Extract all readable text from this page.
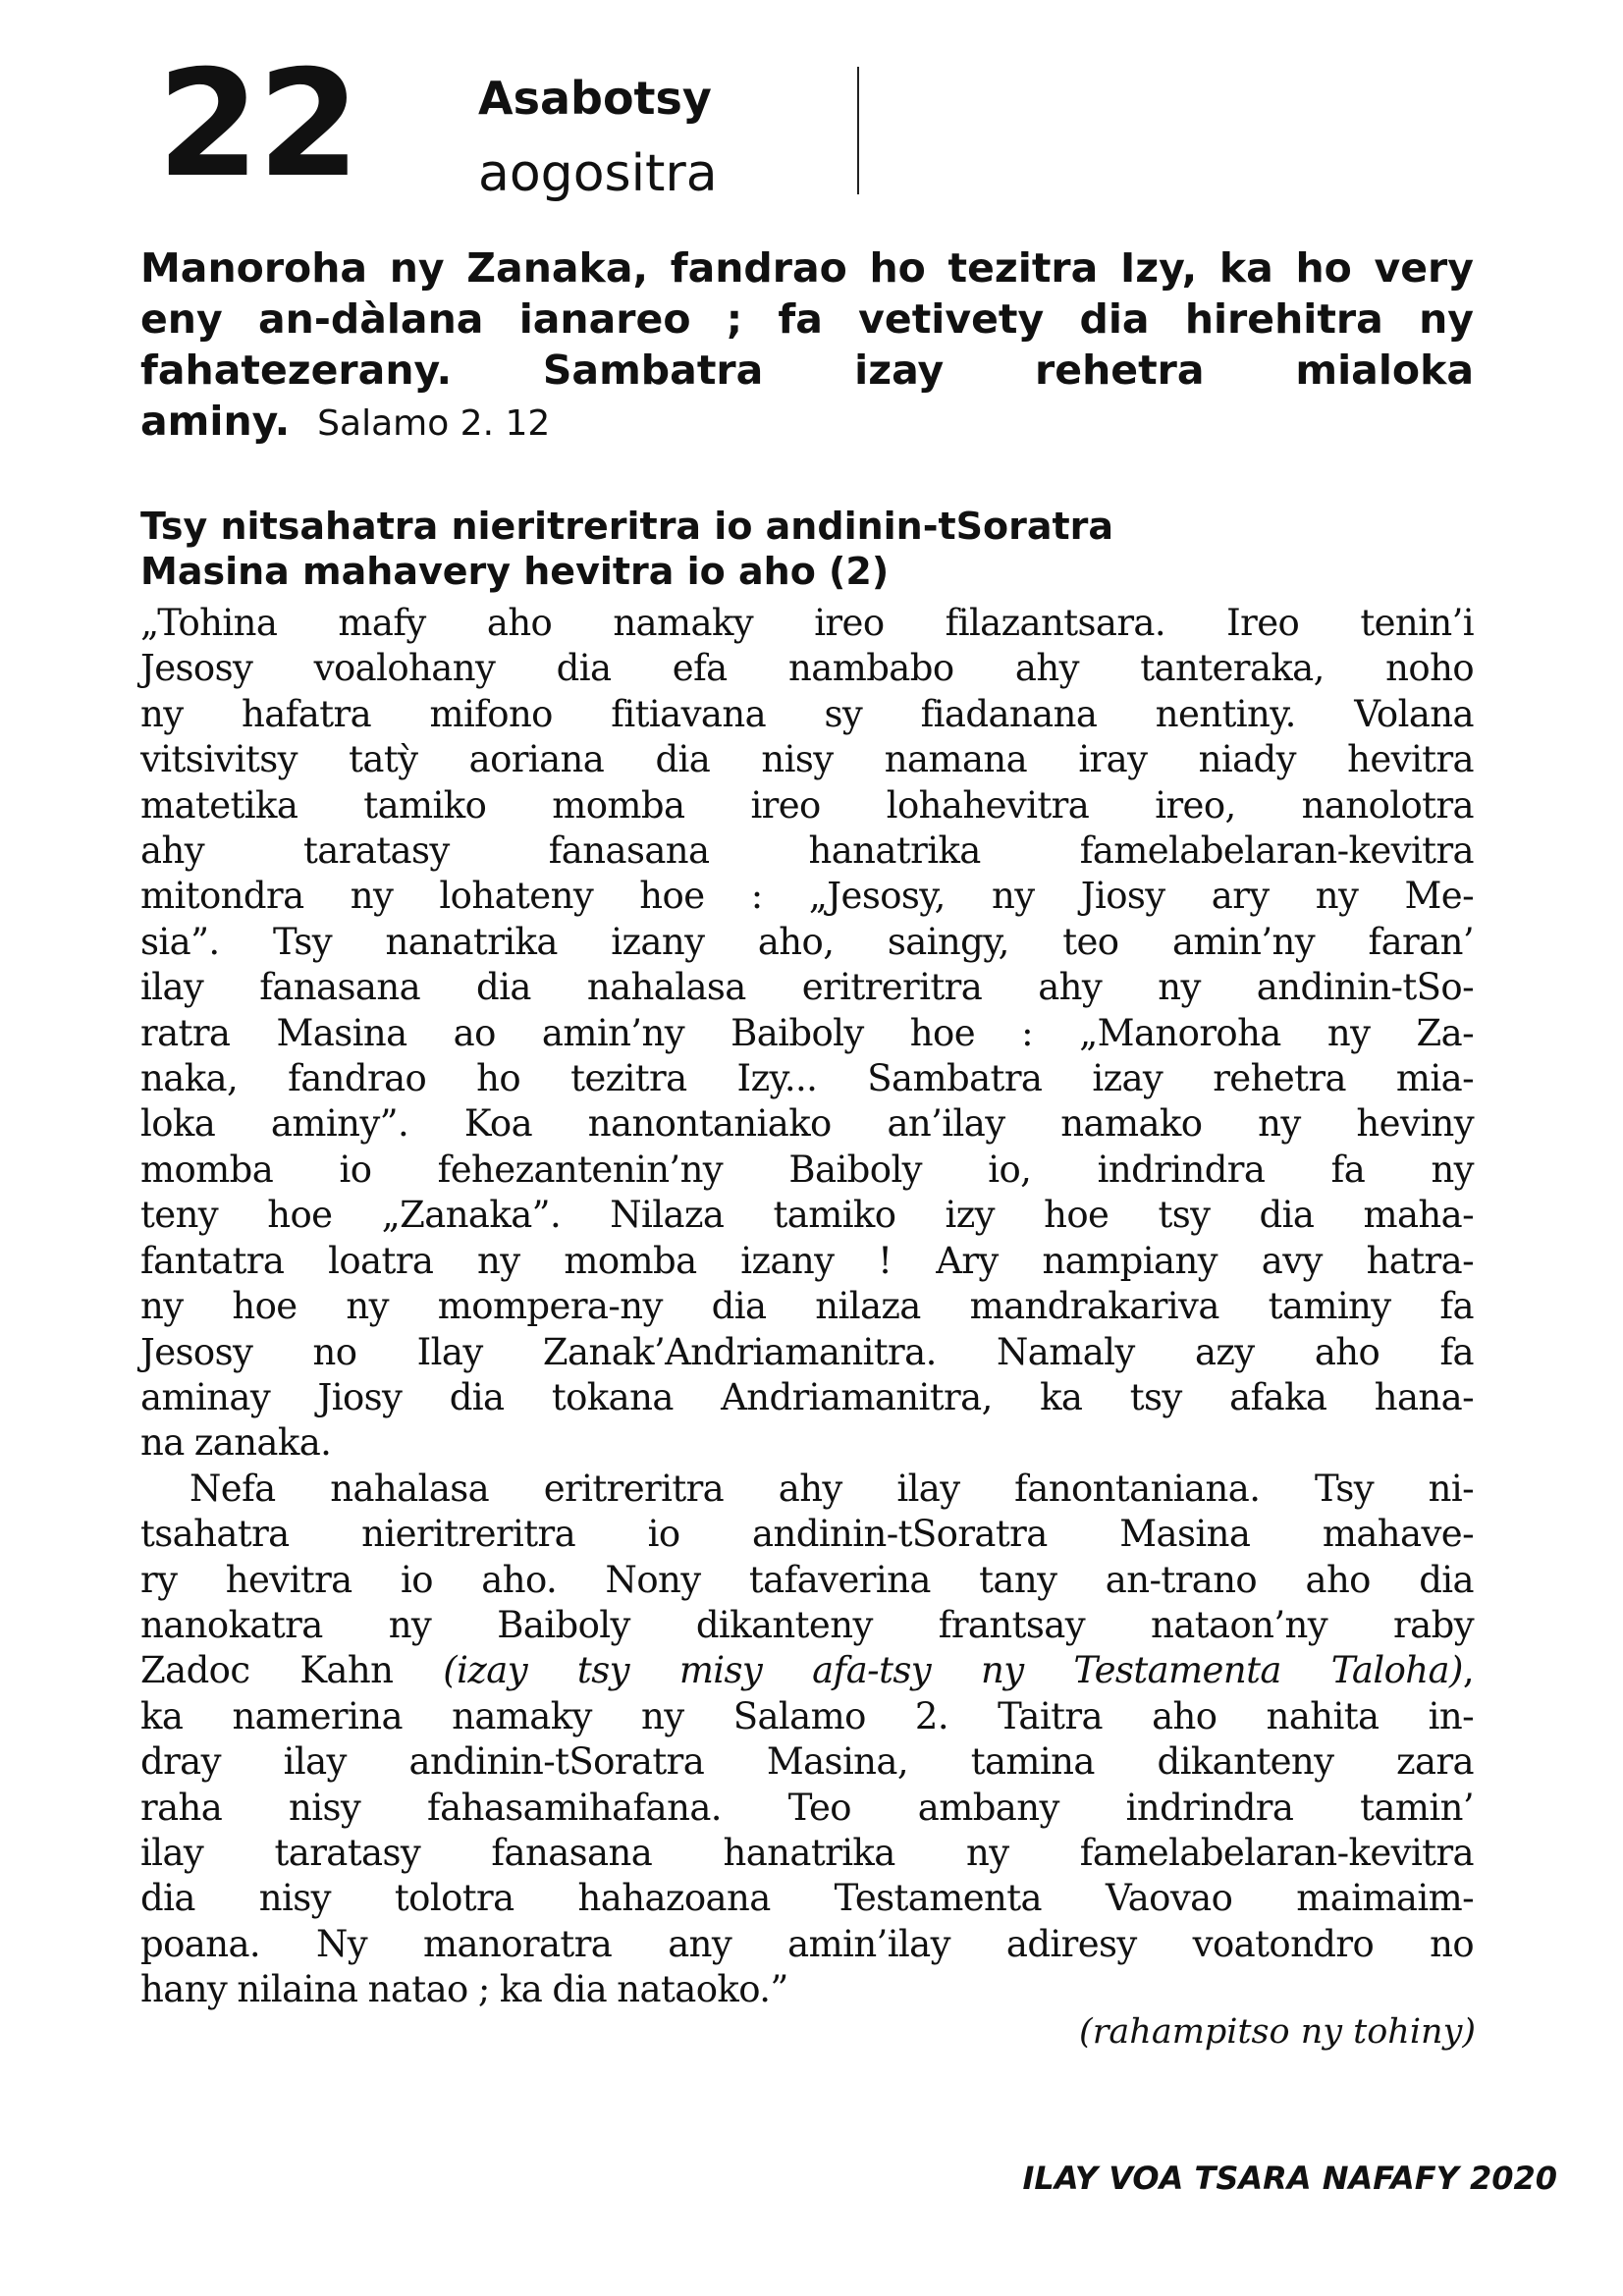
22	Asabotsy
aogositra
Manoroha ny Zanaka, fandrao ho tezitra Izy, ka ho very eny an-dàlana ianareo ; fa vetivety dia hirehitra ny fahatezerany. Sambatra izay rehetra mialoka aminy. Salamo 2. 12
Tsy nitsahatra nieritreritra io andinin-tSoratra
Masina mahavery hevitra io aho (2)
„Tohina mafy aho namaky ireo filazantsara. Ireo tenin’i
Jesosy voalohany dia efa nambabo ahy tanteraka, noho
ny hafatra mifono fitiavana sy fiadanana nentiny. Volana
vitsivitsy tatỳ aoriana dia nisy namana iray niady hevitra
matetika tamiko momba ireo lohahevitra ireo, nanolotra
ahy taratasy fanasana hanatrika famelabelaran-kevitra
mitondra ny lohateny hoe : „Jesosy, ny Jiosy ary ny Me-
sia”. Tsy nanatrika izany aho, saingy, teo amin’ny faran’
ilay fanasana dia nahalasa eritreritra ahy ny andinin-tSo-
ratra Masina ao amin’ny Baiboly hoe : „Manoroha ny Za-
naka, fandrao ho tezitra Izy... Sambatra izay rehetra mia-
loka aminy”. Koa nanontaniako an’ilay namako ny heviny
momba io fehezantenin’ny Baiboly io, indrindra fa ny
teny hoe „Zanaka”. Nilaza tamiko izy hoe tsy dia maha-
fantatra loatra ny momba izany ! Ary nampiany avy hatra-
ny hoe ny mompera-ny dia nilaza mandrakariva taminy fa
Jesosy no Ilay Zanak’Andriamanitra. Namaly azy aho fa
aminay Jiosy dia tokana Andriamanitra, ka tsy afaka hana-
na zanaka.
Nefa nahalasa eritreritra ahy ilay fanontaniana. Tsy ni-
tsahatra nieritreritra io andinin-tSoratra Masina mahave-
ry hevitra io aho. Nony tafaverina tany an-trano aho dia
nanokatra ny Baiboly dikanteny frantsay nataon’ny raby
Zadoc Kahn (izay tsy misy afa-tsy ny Testamenta Taloha),
ka namerina namaky ny Salamo 2. Taitra aho nahita in-
dray ilay andinin-tSoratra Masina, tamina dikanteny zara
raha nisy fahasamihafana. Teo ambany indrindra tamin’
ilay taratasy fanasana hanatrika ny famelabelaran-kevitra
dia nisy tolotra hahazoana Testamenta Vaovao maimaim-
poana. Ny manoratra any amin’ilay adiresy voatondro no
hany nilaina natao ; ka dia nataoko.”
(rahampitso ny tohiny)
ILAY VOA TSARA NAFAFY 2020
